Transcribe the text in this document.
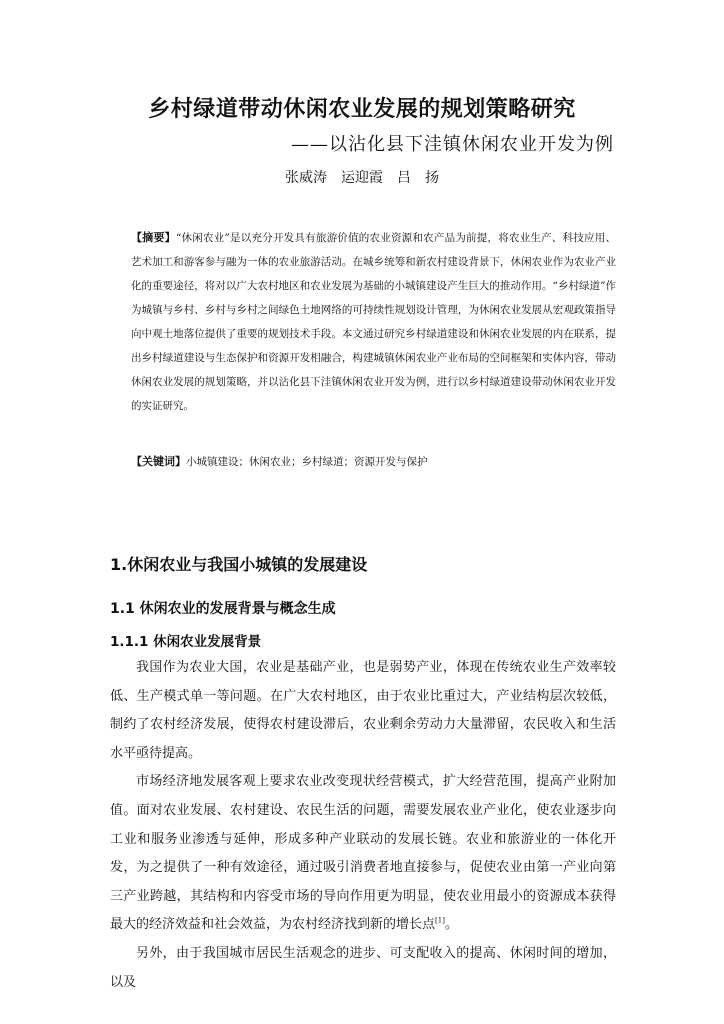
乡村绿道带动休闲农业发展的规划策略研究
——以沾化县下洼镇休闲农业开发为例
张威涛　运迎霞　吕　扬
【摘要】“休闲农业”是以充分开发具有旅游价值的农业资源和农产品为前提，将农业生产、科技应用、艺术加工和游客参与融为一体的农业旅游活动。在城乡统筹和新农村建设背景下，休闲农业作为农业产业化的重要途径，将对以广大农村地区和农业发展为基础的小城镇建设产生巨大的推动作用。“乡村绿道”作为城镇与乡村、乡村与乡村之间绿色土地网络的可持续性规划设计管理，为休闲农业发展从宏观政策指导向中观土地落位提供了重要的规划技术手段。本文通过研究乡村绿道建设和休闲农业发展的内在联系，提出乡村绿道建设与生态保护和资源开发相融合，构建城镇休闲农业产业布局的空间框架和实体内容，带动休闲农业发展的规划策略，并以沾化县下洼镇休闲农业开发为例，进行以乡村绿道建设带动休闲农业开发的实证研究。
【关键词】小城镇建设；休闲农业；乡村绿道；资源开发与保护
1.休闲农业与我国小城镇的发展建设
1.1 休闲农业的发展背景与概念生成
1.1.1 休闲农业发展背景

我国作为农业大国，农业是基础产业，也是弱势产业，体现在传统农业生产效率较低、生产模式单一等问题。在广大农村地区，由于农业比重过大，产业结构层次较低，制约了农村经济发展，使得农村建设滞后，农业剩余劳动力大量滞留，农民收入和生活水平亟待提高。

市场经济地发展客观上要求农业改变现状经营模式，扩大经营范围，提高产业附加值。面对农业发展、农村建设、农民生活的问题，需要发展农业产业化，使农业逐步向工业和服务业渗透与延伸，形成多种产业联动的发展长链。农业和旅游业的一体化开发，为之提供了一种有效途径，通过吸引消费者地直接参与，促使农业由第一产业向第三产业跨越，其结构和内容受市场的导向作用更为明显，使农业用最小的资源成本获得最大的经济效益和社会效益，为农村经济找到新的增长点[1]。

另外，由于我国城市居民生活观念的进步、可支配收入的提高、休闲时间的增加，以及
